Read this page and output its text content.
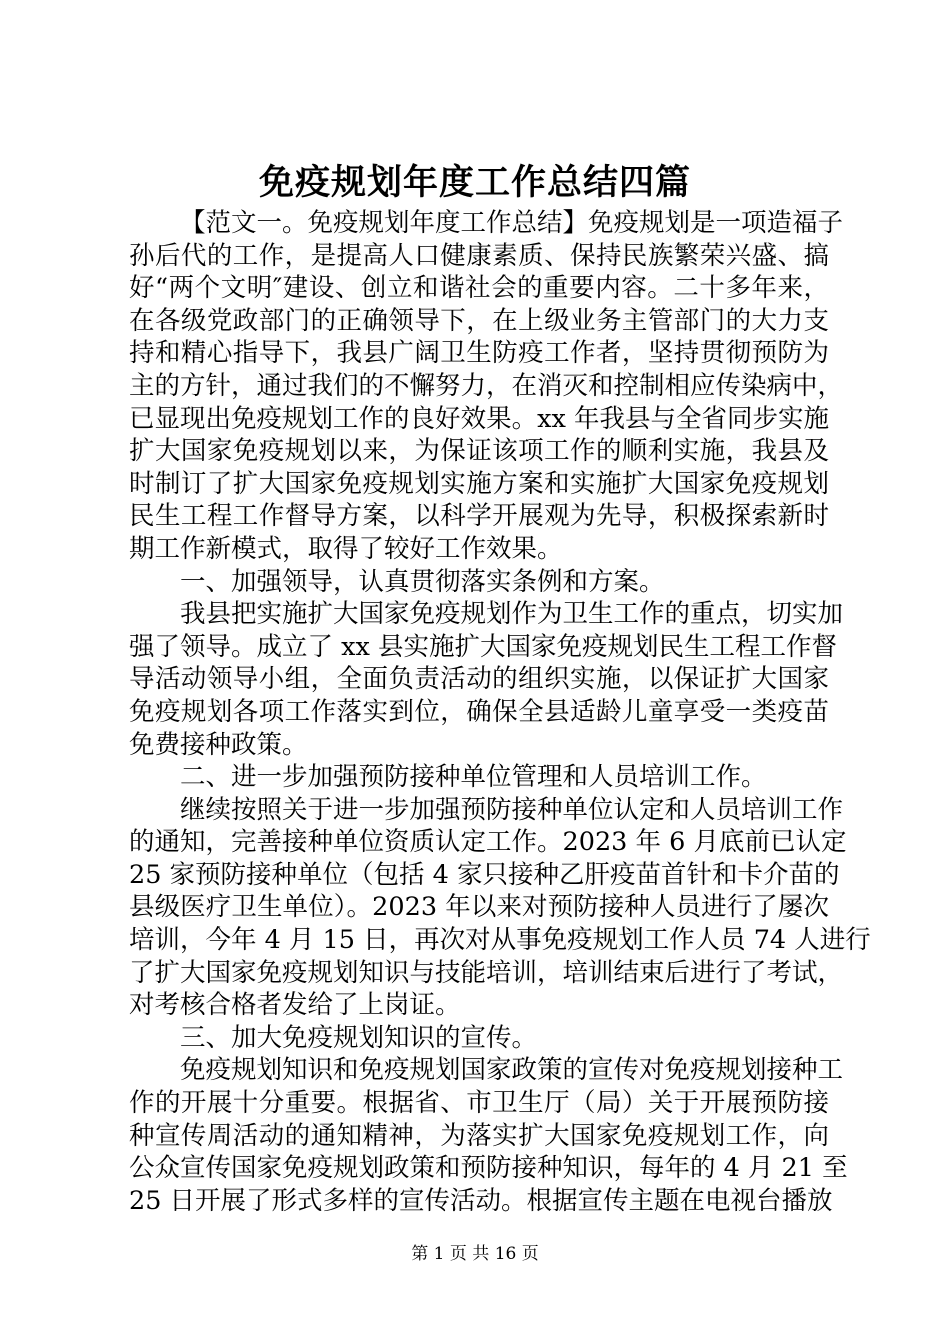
免疫规划年度工作总结四篇
【范文一。免疫规划年度工作总结】免疫规划是一项造福子
孙后代的工作，是提高人口健康素质、保持民族繁荣兴盛、搞
好“两个文明″建设、创立和谐社会的重要内容。二十多年来，
在各级党政部门的正确领导下，在上级业务主管部门的大力支
持和精心指导下，我县广阔卫生防疫工作者，坚持贯彻预防为
主的方针，通过我们的不懈努力，在消灭和控制相应传染病中，
已显现出免疫规划工作的良好效果。xx 年我县与全省同步实施
扩大国家免疫规划以来，为保证该项工作的顺利实施，我县及
时制订了扩大国家免疫规划实施方案和实施扩大国家免疫规划
民生工程工作督导方案，以科学开展观为先导，积极探索新时
期工作新模式，取得了较好工作效果。
一、加强领导，认真贯彻落实条例和方案。
我县把实施扩大国家免疫规划作为卫生工作的重点，切实加
强了领导。成立了 xx 县实施扩大国家免疫规划民生工程工作督
导活动领导小组，全面负责活动的组织实施，以保证扩大国家
免疫规划各项工作落实到位，确保全县适龄儿童享受一类疫苗
免费接种政策。
二、进一步加强预防接种单位管理和人员培训工作。
继续按照关于进一步加强预防接种单位认定和人员培训工作
的通知，完善接种单位资质认定工作。2023 年 6 月底前已认定
25 家预防接种单位（包括 4 家只接种乙肝疫苗首针和卡介苗的
县级医疗卫生单位）。2023 年以来对预防接种人员进行了屡次
培训，今年 4 月 15 日，再次对从事免疫规划工作人员 74 人进行
了扩大国家免疫规划知识与技能培训，培训结束后进行了考试，
对考核合格者发给了上岗证。
三、加大免疫规划知识的宣传。
免疫规划知识和免疫规划国家政策的宣传对免疫规划接种工
作的开展十分重要。根据省、市卫生厅（局）关于开展预防接
种宣传周活动的通知精神，为落实扩大国家免疫规划工作，向
公众宣传国家免疫规划政策和预防接种知识，每年的 4 月 21 至
25 日开展了形式多样的宣传活动。根据宣传主题在电视台播放
第 1 页 共 16 页
